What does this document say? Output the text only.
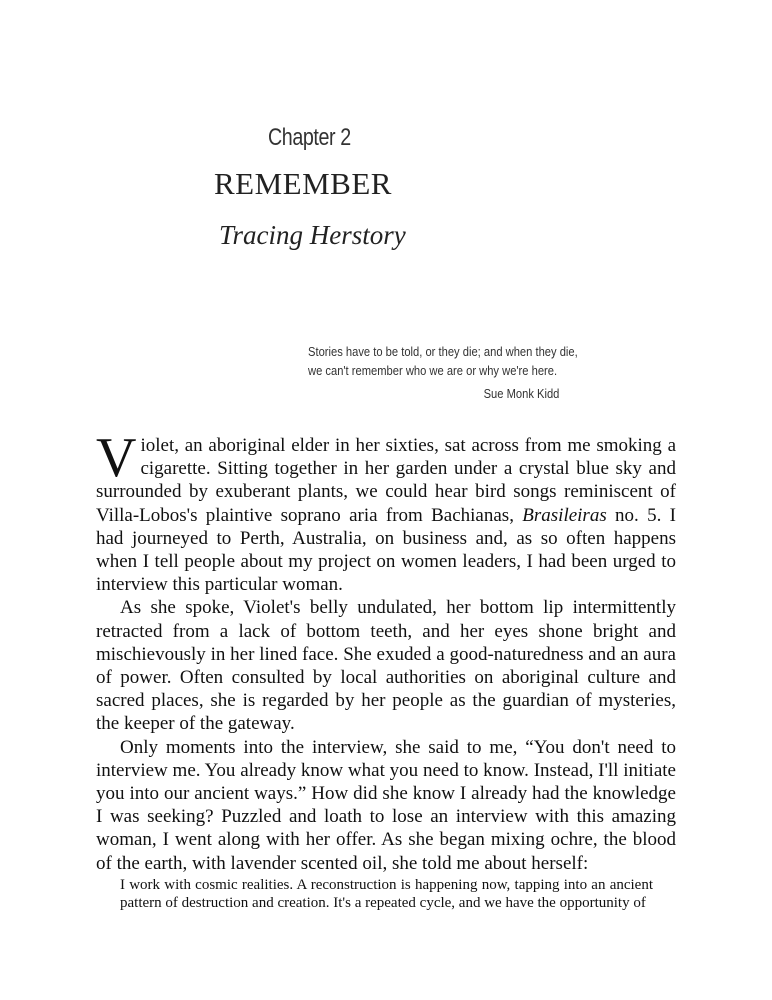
Chapter 2
REMEMBER
Tracing Herstory
Stories have to be told, or they die; and when they die,
we can't remember who we are or why we're here.
Sue Monk Kidd

Violet, an aboriginal elder in her sixties, sat across from me smoking a cigarette. Sitting together in her garden under a crystal blue sky and surrounded by exuberant plants, we could hear bird songs reminiscent of Villa-Lobos's plaintive soprano aria from Bachianas, Brasileiras no. 5. I had journeyed to Perth, Australia, on business and, as so often happens when I tell people about my project on women leaders, I had been urged to interview this particular woman.

As she spoke, Violet's belly undulated, her bottom lip intermittently retracted from a lack of bottom teeth, and her eyes shone bright and mischievously in her lined face. She exuded a good-naturedness and an aura of power. Often consulted by local authorities on aboriginal culture and sacred places, she is regarded by her people as the guardian of mysteries, the keeper of the gateway.

Only moments into the interview, she said to me, “You don't need to interview me. You already know what you need to know. Instead, I'll initiate you into our ancient ways.” How did she know I already had the knowledge I was seeking? Puzzled and loath to lose an interview with this amazing woman, I went along with her offer. As she began mixing ochre, the blood of the earth, with lavender scented oil, she told me about herself:

I work with cosmic realities. A reconstruction is happening now, tapping into an ancient pattern of destruction and creation. It's a repeated cycle, and we have the opportunity of
